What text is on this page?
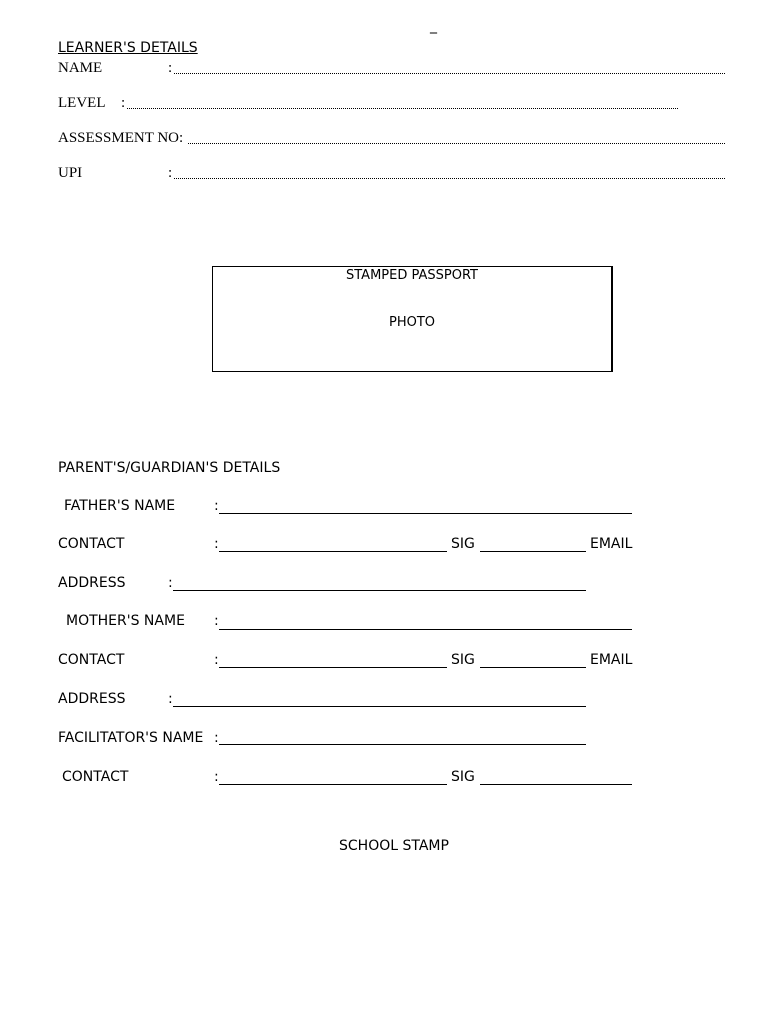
_
LEARNER'S DETAILS
NAME	:
LEVEL :
ASSESSMENT NO:
UPI	:
STAMPED PASSPORT
PHOTO
PARENT'S/GUARDIAN'S DETAILS
FATHER'S NAME	:
CONTACT	:	SIG	EMAIL
ADDRESS	:
MOTHER'S NAME :
CONTACT	:	SIG	EMAIL
ADDRESS	:
FACILITATOR'S NAME :
CONTACT	:	SIG
SCHOOL STAMP
